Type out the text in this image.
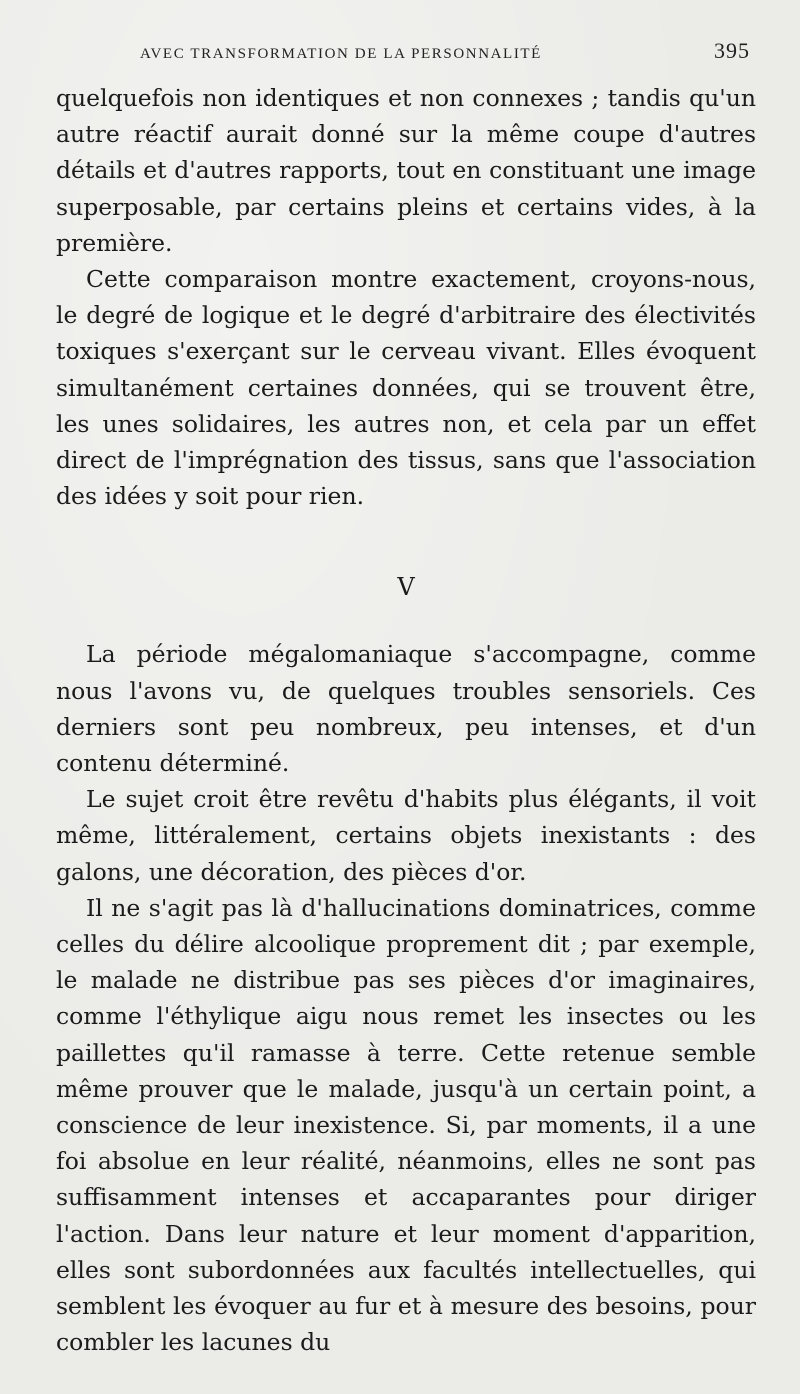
AVEC TRANSFORMATION DE LA PERSONNALITÉ	395

quelquefois non identiques et non connexes ; tandis qu'un autre réactif aurait donné sur la même coupe d'autres détails et d'autres rapports, tout en constituant une image superposable, par certains pleins et certains vides, à la première.

Cette comparaison montre exactement, croyons-nous, le degré de logique et le degré d'arbitraire des électivités toxiques s'exerçant sur le cerveau vivant. Elles évoquent simultanément certaines données, qui se trouvent être, les unes solidaires, les autres non, et cela par un effet direct de l'imprégnation des tissus, sans que l'association des idées y soit pour rien.

V

La période mégalomaniaque s'accompagne, comme nous l'avons vu, de quelques troubles sensoriels. Ces derniers sont peu nombreux, peu intenses, et d'un contenu déterminé.

Le sujet croit être revêtu d'habits plus élégants, il voit même, littéralement, certains objets inexistants : des galons, une décoration, des pièces d'or.

Il ne s'agit pas là d'hallucinations dominatrices, comme celles du délire alcoolique proprement dit ; par exemple, le malade ne distribue pas ses pièces d'or imaginaires, comme l'éthylique aigu nous remet les insectes ou les paillettes qu'il ramasse à terre. Cette retenue semble même prouver que le malade, jusqu'à un certain point, a conscience de leur inexistence. Si, par moments, il a une foi absolue en leur réalité, néanmoins, elles ne sont pas suffisamment intenses et accaparantes pour diriger l'action. Dans leur nature et leur moment d'apparition, elles sont subordonnées aux facultés intellectuelles, qui semblent les évoquer au fur et à mesure des besoins, pour combler les lacunes du
